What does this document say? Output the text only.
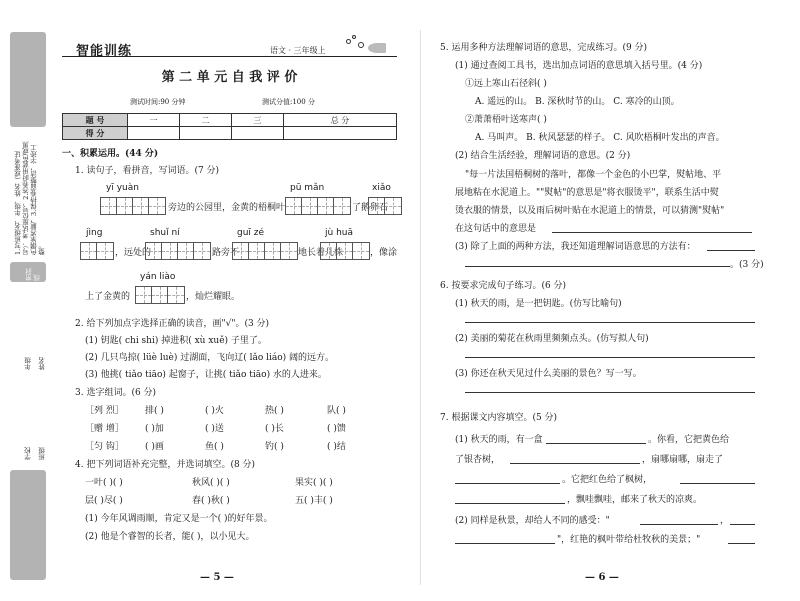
1.写班级名、年级、姓名（或准考证号）、考试座位号，2.答卷时用蓝色或黑色钢笔答题，3.保持卷面整洁，字迹工整。
密封线
年级 姓名
学校 班级
智能训练	语文 · 三年级上
第 二 单 元 自 我 评 价
测试时间:90 分钟	测试分值:100 分
题 号	一	二	三	总 分
得 分				
一、积累运用。(44 分)
1. 读句子，看拼音，写词语。(7 分)
yī yuàn
旁边的公园里，金黄的梧桐叶
pū mǎn
了鹅卵石
xiǎo
jìng
，远处的
shuǐ ní
路旁不
guī zé
地长着几株
jù huā
，像涂
上了金黄的
yán liào
，灿烂耀眼。
2. 给下列加点字选择正确的读音，画"√"。(3 分)
(1) 钥匙( chi shi) 掉进积( xù xuě) 子里了。
(2) 几只鸟掠( lüè luè) 过湖面，飞向辽( lǎo liáo) 阔的远方。
(3) 他挑( tiǎo tiāo) 起窗子，让挑( tiǎo tiāo) 水的人进来。
3. 选字组词。(6 分)
［列 烈］ 排( )	( )火	热( )	队( )
［赠 增］ ( )加	( )送	( )长	( )馈
［匀 钩］ ( )画	鱼( )	钓( )	( )结
4. 把下列词语补充完整，并选词填空。(8 分)
一叶( )( )	秋风( )( )	果实( )( )
层( )尽( )	春( )秋( )	五( )丰( )
(1) 今年风调雨顺，肯定又是一个( )的好年景。
(2) 他是个睿智的长者，能( )，以小见大。
— 5 —
5. 运用多种方法理解词语的意思，完成练习。(9 分)
(1) 通过查阅工具书，选出加点词语的意思填入括号里。(4 分)
①远上寒山石径斜( )
A. 遥远的山。 B. 深秋时节的山。 C. 寒冷的山顶。
②萧萧梧叶送寒声( )
A. 马叫声。 B. 秋风瑟瑟的样子。 C. 风吹梧桐叶发出的声音。
(2) 结合生活经验，理解词语的意思。(2 分)
"每一片法国梧桐树的落叶，都像一个金色的小巴掌，熨帖地、平
展地粘在水泥道上。""熨帖"的意思是"将衣服烫平"，联系生活中熨
烫衣服的情景，以及雨后树叶贴在水泥道上的情景，可以猜测"熨帖"
在这句话中的意思是
(3) 除了上面的两种方法，我还知道理解词语意思的方法有：
。(3 分)
6. 按要求完成句子练习。(6 分)
(1) 秋天的雨，是一把钥匙。(仿写比喻句)
(2) 美丽的菊花在秋雨里频频点头。(仿写拟人句)
(3) 你还在秋天见过什么美丽的景色？写一写。
7. 根据课文内容填空。(5 分)
(1) 秋天的雨，有一盒	。你看，它把黄色给
了银杏树，	，扇哪扇哪，扇走了
。它把红色给了枫树，
，飘哇飘哇，邮来了秋天的凉爽。
(2) 同样是秋景，却给人不同的感受："	，
"，红艳的枫叶带给杜牧秋的美景；"
— 6 —
